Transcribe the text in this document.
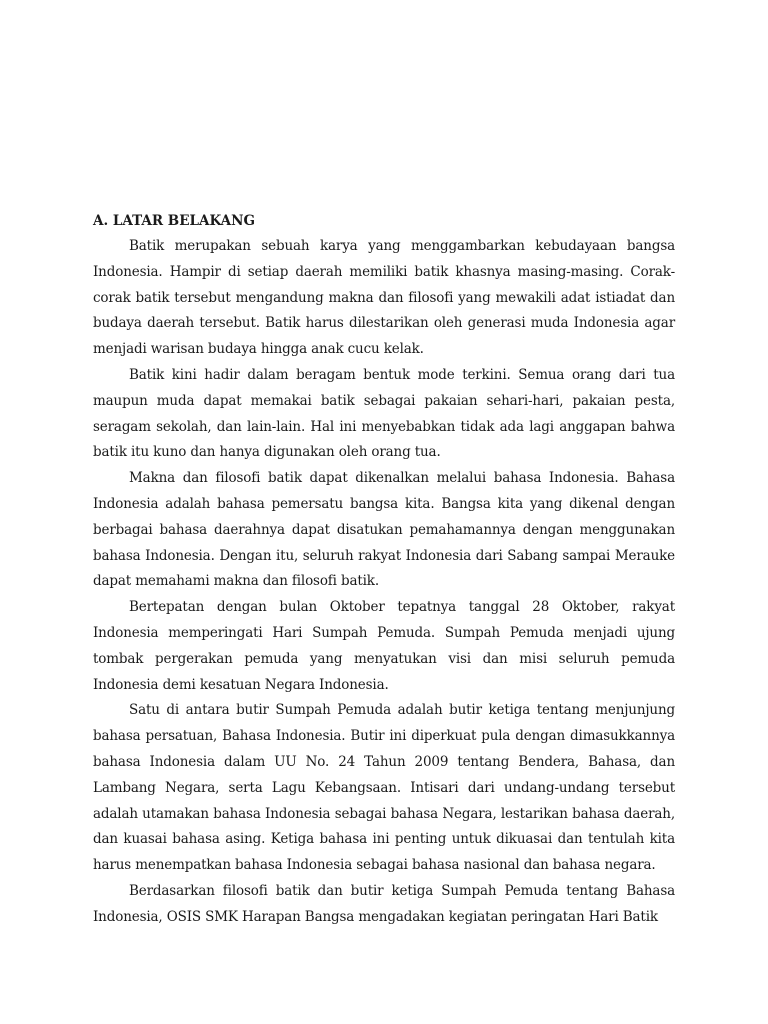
A. LATAR BELAKANG

Batik merupakan sebuah karya yang menggambarkan kebudayaan bangsa Indonesia. Hampir di setiap daerah memiliki batik khasnya masing-masing. Corak-corak batik tersebut mengandung makna dan filosofi yang mewakili adat istiadat dan budaya daerah tersebut. Batik harus dilestarikan oleh generasi muda Indonesia agar menjadi warisan budaya hingga anak cucu kelak.

Batik kini hadir dalam beragam bentuk mode terkini. Semua orang dari tua maupun muda dapat memakai batik sebagai pakaian sehari-hari, pakaian pesta, seragam sekolah, dan lain-lain. Hal ini menyebabkan tidak ada lagi anggapan bahwa batik itu kuno dan hanya digunakan oleh orang tua.

Makna dan filosofi batik dapat dikenalkan melalui bahasa Indonesia. Bahasa Indonesia adalah bahasa pemersatu bangsa kita. Bangsa kita yang dikenal dengan berbagai bahasa daerahnya dapat disatukan pemahamannya dengan menggunakan bahasa Indonesia. Dengan itu, seluruh rakyat Indonesia dari Sabang sampai Merauke dapat memahami makna dan filosofi batik.

Bertepatan dengan bulan Oktober tepatnya tanggal 28 Oktober, rakyat Indonesia memperingati Hari Sumpah Pemuda. Sumpah Pemuda menjadi ujung tombak pergerakan pemuda yang menyatukan visi dan misi seluruh pemuda Indonesia demi kesatuan Negara Indonesia.

Satu di antara butir Sumpah Pemuda adalah butir ketiga tentang menjunjung bahasa persatuan, Bahasa Indonesia. Butir ini diperkuat pula dengan dimasukkannya bahasa Indonesia dalam UU No. 24 Tahun 2009 tentang Bendera, Bahasa, dan Lambang Negara, serta Lagu Kebangsaan. Intisari dari undang-undang tersebut adalah utamakan bahasa Indonesia sebagai bahasa Negara, lestarikan bahasa daerah, dan kuasai bahasa asing. Ketiga bahasa ini penting untuk dikuasai dan tentulah kita harus menempatkan bahasa Indonesia sebagai bahasa nasional dan bahasa negara.

Berdasarkan filosofi batik dan butir ketiga Sumpah Pemuda tentang Bahasa Indonesia, OSIS SMK Harapan Bangsa mengadakan kegiatan peringatan Hari Batik
